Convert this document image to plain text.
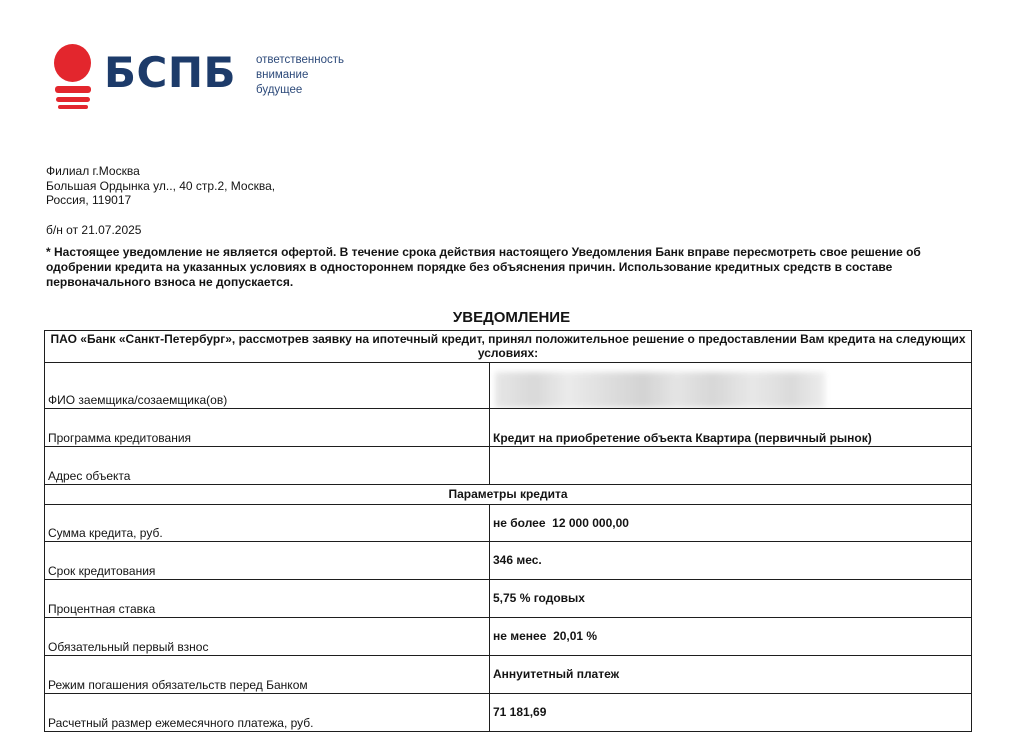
БСПБ ответственность
внимание
будущее
Филиал г.Москва
Большая Ордынка ул.., 40 стр.2, Москва,
Россия, 119017
б/н от 21.07.2025
* Настоящее уведомление не является офертой. В течение срока действия настоящего Уведомления Банк вправе пересмотреть свое решение об одобрении кредита на указанных условиях в одностороннем порядке без объяснения причин. Использование кредитных средств в составе первоначального взноса не допускается.
УВЕДОМЛЕНИЕ
ПАО «Банк «Санкт-Петербург», рассмотрев заявку на ипотечный кредит, принял положительное решение о предоставлении Вам кредита на следующих условиях:	
ФИО заемщика/созаемщика(ов)	

Программа кредитования	Кредит на приобретение объекта Квартира (первичный рынок)
Адрес объекта	
Параметры кредита	
Сумма кредита, руб.	не более  12 000 000,00
Срок кредитования	346 мес.
Процентная ставка	5,75 % годовых
Обязательный первый взнос	не менее  20,01 %
Режим погашения обязательств перед Банком	Аннуитетный платеж
Расчетный размер ежемесячного платежа, руб.	71 181,69
